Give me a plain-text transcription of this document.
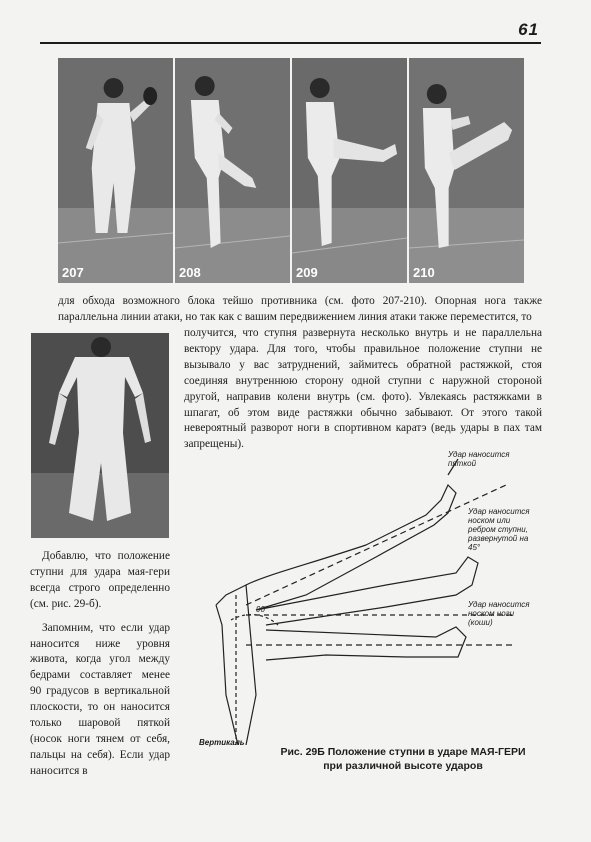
61
207	208	209	210
для обхода возможного блока тейшо противника (см. фото 207-210). Опорная нога также параллельна линии атаки, но так как с вашим передвижением линия атаки также переместится, то
получится, что ступня развернута несколько внутрь и не параллельна вектору удара. Для того, чтобы правильное положение ступни не вызывало у вас затруднений, займитесь обратной растяжкой, стоя соединяя внутреннюю сторону одной ступни с наружной стороной другой, направив колени внутрь (см. фото). Увлекаясь растяжками в шпагат, об этом виде растяжки обычно забывают. От этого такой невероятный разворот ноги в спортивном каратэ (ведь удары в пах там запрещены).

Добавлю, что положение ступни для удара мая-гери всегда строго определенно (см. рис. 29-б).

Запомним, что если удар наносится ниже уровня живота, когда угол между бедрами составляет менее 90 градусов в вертикальной плоскости, то он наносится только шаровой пяткой (носок ноги тянем от себя, пальцы на себя). Если удар наносится в

Удар наносится пяткой
Удар наносится носком или ребром ступни, развернутой на 45°
Удар наносится носком ноги (коши)
90°
Вертикаль
Рис. 29Б Положение ступни в ударе МАЯ-ГЕРИ
при различной высоте ударов
